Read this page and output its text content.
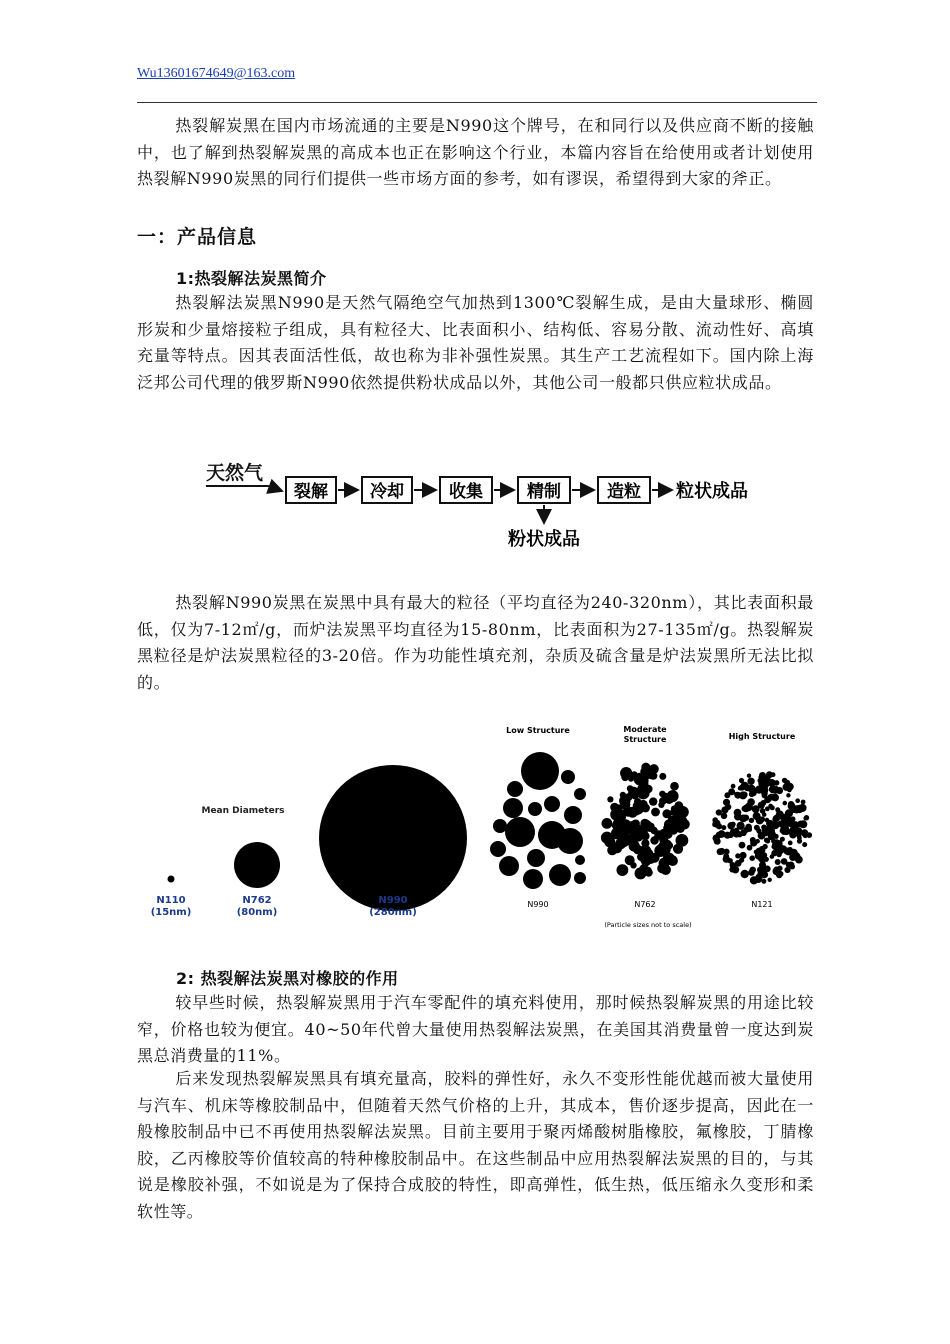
Wu13601674649@163.com

热裂解炭黑在国内市场流通的主要是N990这个牌号，在和同行以及供应商不断的接触中，也了解到热裂解炭黑的高成本也正在影响这个行业，本篇内容旨在给使用或者计划使用热裂解N990炭黑的同行们提供一些市场方面的参考，如有谬误，希望得到大家的斧正。

一：产品信息
1:热裂解法炭黑简介

热裂解法炭黑N990是天然气隔绝空气加热到1300℃裂解生成，是由大量球形、椭圆形炭和少量熔接粒子组成，具有粒径大、比表面积小、结构低、容易分散、流动性好、高填充量等特点。因其表面活性低，故也称为非补强性炭黑。其生产工艺流程如下。国内除上海泛邦公司代理的俄罗斯N990依然提供粉状成品以外，其他公司一般都只供应粒状成品。

天然气
裂解 冷却	收集	精制	造粒 粒状成品
粉状成品

热裂解N990炭黑在炭黑中具有最大的粒径（平均直径为240-320nm），其比表面积最低，仅为7-12㎡/g，而炉法炭黑平均直径为15-80nm，比表面积为27-135㎡/g。热裂解炭黑粒径是炉法炭黑粒径的3-20倍。作为功能性填充剂，杂质及硫含量是炉法炭黑所无法比拟的。

Mean Diameters
N110
(15nm)
N762
(80nm)
N990
(280nm)
Low Structure	Moderate
Structure	High Structure
N990	N762	N121
(Particle sizes not to scale)
2: 热裂解法炭黑对橡胶的作用

较早些时候，热裂解炭黑用于汽车零配件的填充料使用，那时候热裂解炭黑的用途比较窄，价格也较为便宜。40~50年代曾大量使用热裂解法炭黑，在美国其消费量曾一度达到炭黑总消费量的11%。

后来发现热裂解炭黑具有填充量高，胶料的弹性好，永久不变形性能优越而被大量使用与汽车、机床等橡胶制品中，但随着天然气价格的上升，其成本，售价逐步提高，因此在一般橡胶制品中已不再使用热裂解法炭黑。目前主要用于聚丙烯酸树脂橡胶，氟橡胶，丁腈橡胶，乙丙橡胶等价值较高的特种橡胶制品中。在这些制品中应用热裂解法炭黑的目的，与其说是橡胶补强，不如说是为了保持合成胶的特性，即高弹性，低生热，低压缩永久变形和柔软性等。
